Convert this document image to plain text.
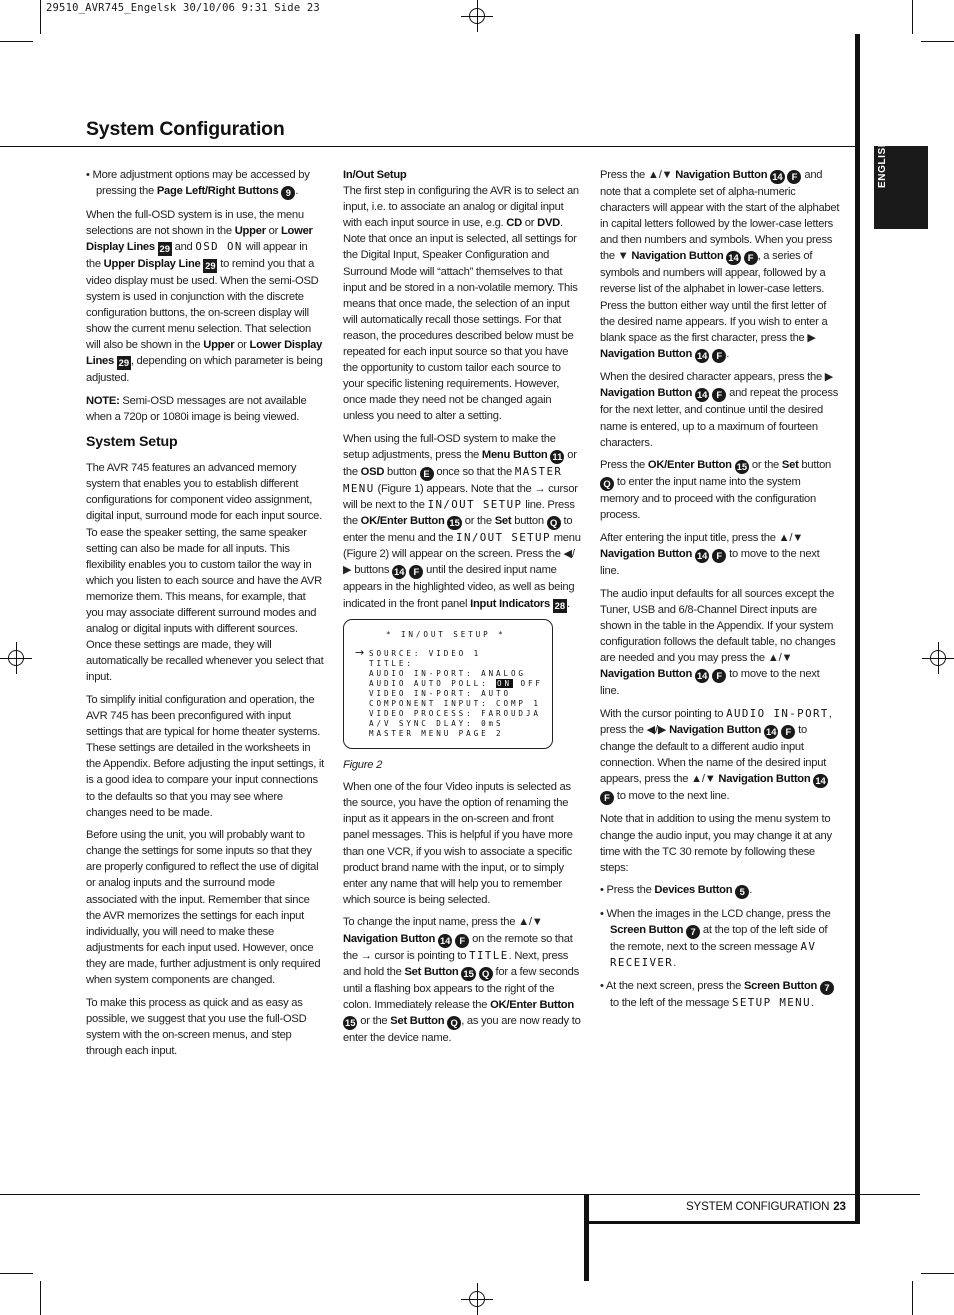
29510_AVR745_Engelsk 30/10/06 9:31 Side 23
System Configuration
ENGLISH

• More adjustment options may be accessed by pressing the Page Left/Right Buttons 9 .

When the full-OSD system is in use, the menu selections are not shown in the Upper or Lower Display Lines 29 and OSD ON will appear in the Upper Display Line 29 to remind you that a video display must be used. When the semi-OSD system is used in conjunction with the discrete configuration buttons, the on-screen display will show the current menu selection. That selection will also be shown in the Upper or Lower Display Lines 29 , depending on which parameter is being adjusted.

NOTE: Semi-OSD messages are not available when a 720p or 1080i image is being viewed.

System Setup

The AVR 745 features an advanced memory system that enables you to establish different configurations for component video assignment, digital input, surround mode for each input source. To ease the speaker setting, the same speaker setting can also be made for all inputs. This flexibility enables you to custom tailor the way in which you listen to each source and have the AVR memorize them. This means, for example, that you may associate different surround modes and analog or digital inputs with different sources. Once these settings are made, they will automatically be recalled whenever you select that input.

To simplify initial configuration and operation, the AVR 745 has been preconfigured with input settings that are typical for home theater systems. These settings are detailed in the worksheets in the Appendix. Before adjusting the input settings, it is a good idea to compare your input connections to the defaults so that you may see where changes need to be made.

Before using the unit, you will probably want to change the settings for some inputs so that they are properly configured to reflect the use of digital or analog inputs and the surround mode associated with the input. Remember that since the AVR memorizes the settings for each input individually, you will need to make these adjustments for each input used. However, once they are made, further adjustment is only required when system components are changed.

To make this process as quick and as easy as possible, we suggest that you use the full-OSD system with the on-screen menus, and step through each input.

In/Out Setup

The first step in configuring the AVR is to select an input, i.e. to associate an analog or digital input with each input source in use, e.g. CD or DVD. Note that once an input is selected, all settings for the Digital Input, Speaker Configuration and Surround Mode will “attach” themselves to that input and be stored in a non-volatile memory. This means that once made, the selection of an input will automatically recall those settings. For that reason, the procedures described below must be repeated for each input source so that you have the opportunity to custom tailor each source to your specific listening requirements. However, once made they need not be changed again unless you need to alter a setting.

When using the full-OSD system to make the setup adjustments, press the Menu Button 11 or the OSD button E once so that the MASTER MENU (Figure 1) appears. Note that the → cursor will be next to the IN/OUT SETUP line. Press the OK/Enter Button 15 or the Set button Q to enter the menu and the IN/OUT SETUP menu (Figure 2) will appear on the screen. Press the ◀/▶ buttons 14 F until the desired input name appears in the highlighted video, as well as being indicated in the front panel Input Indicators 28 .

* IN/OUT SETUP *
→ SOURCE: VIDEO 1
TITLE:
AUDIO IN-PORT: ANALOG
AUDIO AUTO POLL: ON OFF
VIDEO IN-PORT: AUTO
COMPONENT INPUT: COMP 1
VIDEO PROCESS: FAROUDJA
A/V SYNC DLAY: 0mS
MASTER MENU PAGE 2
Figure 2

When one of the four Video inputs is selected as the source, you have the option of renaming the input as it appears in the on-screen and front panel messages. This is helpful if you have more than one VCR, if you wish to associate a specific product brand name with the input, or to simply enter any name that will help you to remember which source is being selected.

To change the input name, press the ▲/▼ Navigation Button 14 F on the remote so that the → cursor is pointing to TITLE. Next, press and hold the Set Button 15 Q for a few seconds until a flashing box appears to the right of the colon. Immediately release the OK/Enter Button 15 or the Set Button Q , as you are now ready to enter the device name.

Press the ▲/▼ Navigation Button 14 F and note that a complete set of alpha-numeric characters will appear with the start of the alphabet in capital letters followed by the lower-case letters and then numbers and symbols. When you press the ▼ Navigation Button 14 F , a series of symbols and numbers will appear, followed by a reverse list of the alphabet in lower-case letters. Press the button either way until the first letter of the desired name appears. If you wish to enter a blank space as the first character, press the ▶ Navigation Button 14 F .

When the desired character appears, press the ▶ Navigation Button 14 F and repeat the process for the next letter, and continue until the desired name is entered, up to a maximum of fourteen characters.

Press the OK/Enter Button 15 or the Set button Q to enter the input name into the system memory and to proceed with the configuration process.

After entering the input title, press the ▲/▼ Navigation Button 14 F to move to the next line.

The audio input defaults for all sources except the Tuner, USB and 6/8-Channel Direct inputs are shown in the table in the Appendix. If your system configuration follows the default table, no changes are needed and you may press the ▲/▼ Navigation Button 14 F to move to the next line.

With the cursor pointing to AUDIO IN-PORT, press the ◀/▶ Navigation Button 14 F to change the default to a different audio input connection. When the name of the desired input appears, press the ▲/▼ Navigation Button 14 F to move to the next line.

Note that in addition to using the menu system to change the audio input, you may change it at any time with the TC 30 remote by following these steps:

• Press the Devices Button 5 .

• When the images in the LCD change, press the Screen Button 7 at the top of the left side of the remote, next to the screen message AV RECEIVER.

• At the next screen, press the Screen Button 7 to the left of the message SETUP MENU.

SYSTEM CONFIGURATION 23
